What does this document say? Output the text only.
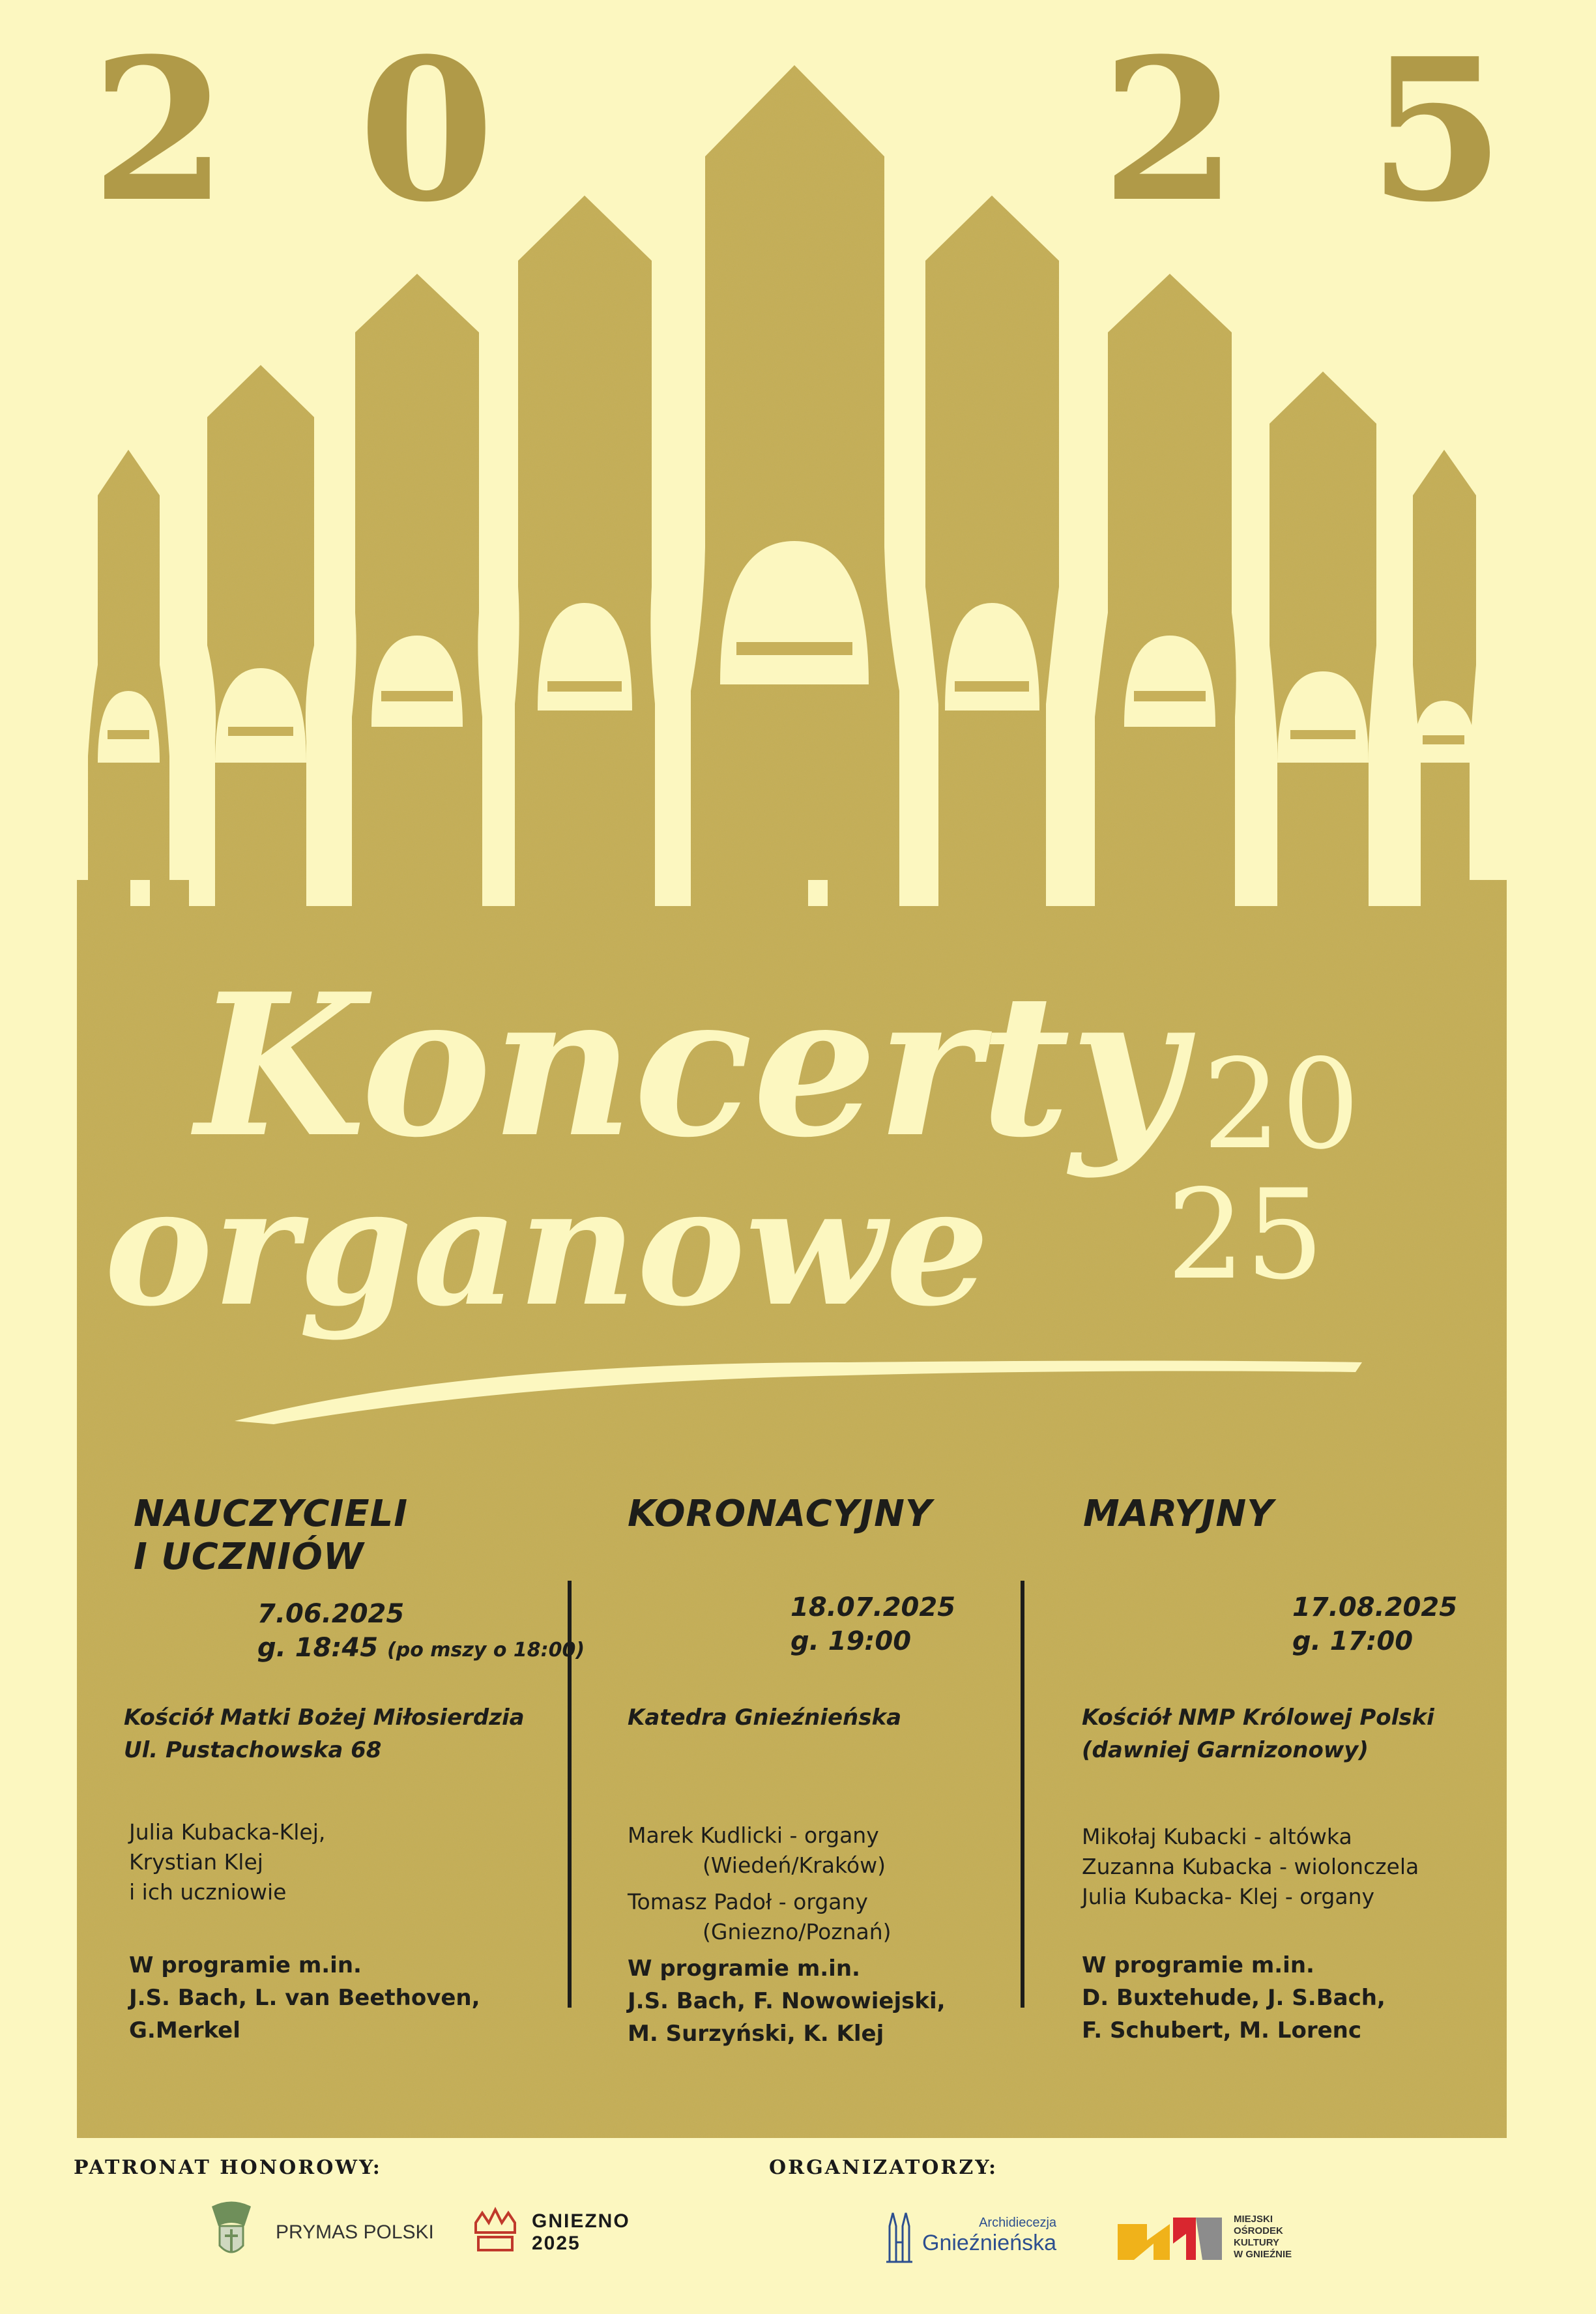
2 0	2 5
Koncerty
organowe
20
25
NAUCZYCIELI
I UCZNIÓW
7.06.2025
g. 18:45 (po mszy o 18:00)
Kościół Matki Bożej Miłosierdzia
Ul. Pustachowska 68
Julia Kubacka-Klej,
Krystian Klej
i ich uczniowie
W programie m.in.
J.S. Bach, L. van Beethoven,
G.Merkel
KORONACYJNY
18.07.2025
g. 19:00
Katedra Gnieźnieńska
Marek Kudlicki - organy
(Wiedeń/Kraków)
Tomasz Padoł - organy
(Gniezno/Poznań)
W programie m.in.
J.S. Bach, F. Nowowiejski,
M. Surzyński, K. Klej
MARYJNY
17.08.2025
g. 17:00
Kościół NMP Królowej Polski
(dawniej Garnizonowy)
Mikołaj Kubacki - altówka
Zuzanna Kubacka - wiolonczela
Julia Kubacka- Klej - organy
W programie m.in.
D. Buxtehude, J. S.Bach,
F. Schubert, M. Lorenc
PATRONAT HONOROWY:	ORGANIZATORZY:
PRYMAS POLSKI
GNIEZNO
2025
Archidiecezja
Gnieźnieńska
MIEJSKI
OŚRODEK
KULTURY
W GNIEŹNIE
